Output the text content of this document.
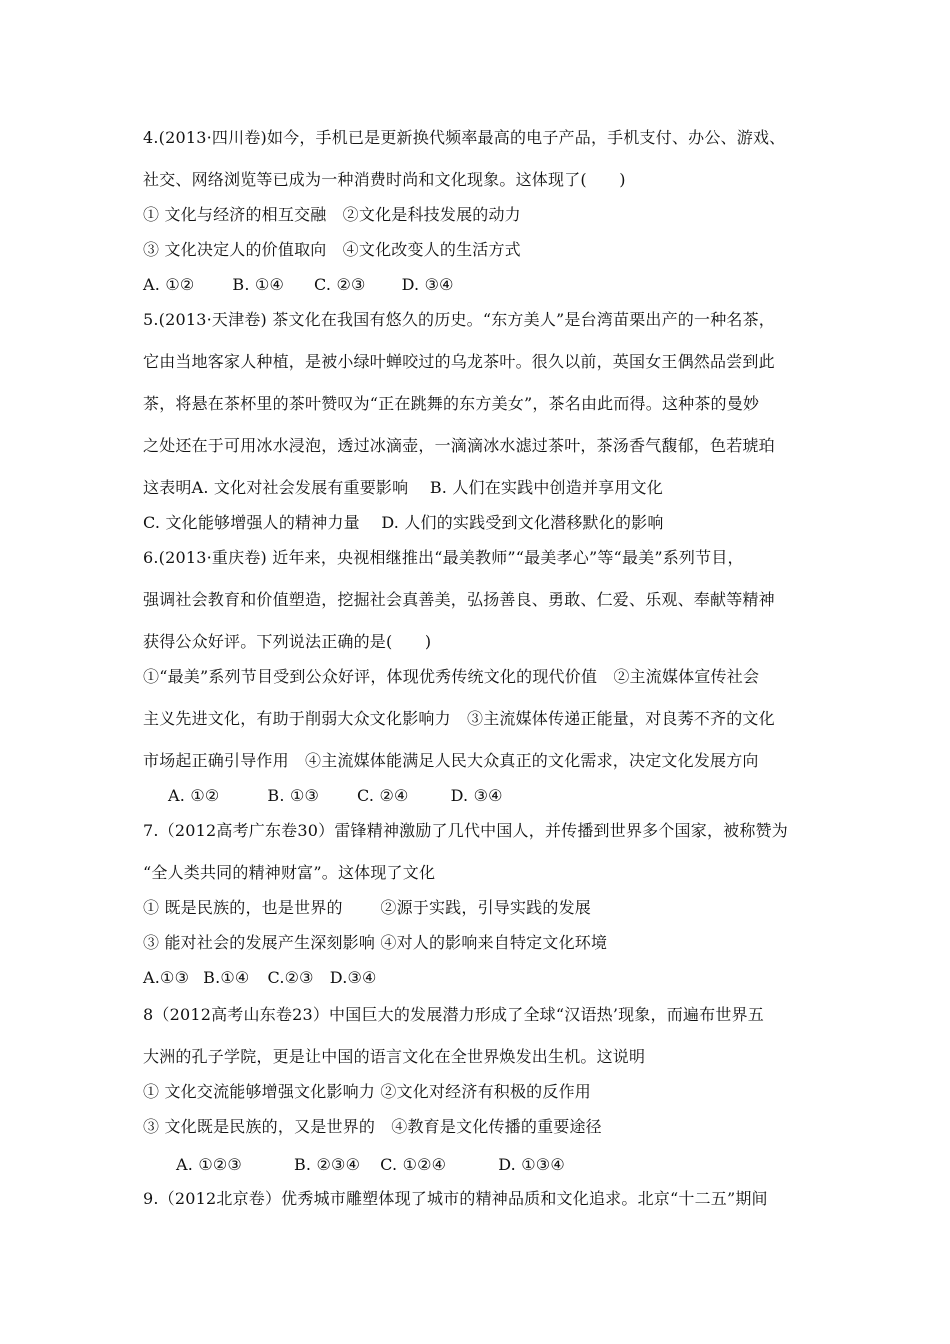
4.(2013·四川卷)如今，手机已是更新换代频率最高的电子产品，手机支付、办公、游戏、
社交、网络浏览等已成为一种消费时尚和文化现象。这体现了(　　)
① 文化与经济的相互交融　②文化是科技发展的动力
③ 文化决定人的价值取向　④文化改变人的生活方式
A. ①② B. ①④ C. ②③ D. ③④
5.(2013·天津卷) 茶文化在我国有悠久的历史。“东方美人”是台湾苗栗出产的一种名茶，
它由当地客家人种植，是被小绿叶蝉咬过的乌龙茶叶。很久以前，英国女王偶然品尝到此
茶，将悬在茶杯里的茶叶赞叹为“正在跳舞的东方美女”，茶名由此而得。这种茶的曼妙
之处还在于可用冰水浸泡，透过冰滴壶，一滴滴冰水滤过茶叶，茶汤香气馥郁，色若琥珀
这表明A. 文化对社会发展有重要影响　 B. 人们在实践中创造并享用文化
C. 文化能够增强人的精神力量　 D. 人们的实践受到文化潜移默化的影响
6.(2013·重庆卷) 近年来，央视相继推出“最美教师”“最美孝心”等“最美”系列节目，
强调社会教育和价值塑造，挖掘社会真善美，弘扬善良、勇敢、仁爱、乐观、奉献等精神
获得公众好评。下列说法正确的是(　　)
①“最美”系列节目受到公众好评，体现优秀传统文化的现代价值　②主流媒体宣传社会
主义先进文化，有助于削弱大众文化影响力　③主流媒体传递正能量，对良莠不齐的文化
市场起正确引导作用　④主流媒体能满足人民大众真正的文化需求，决定文化发展方向
A. ①②	B. ①③ C. ②④	D. ③④
7.（2012高考广东卷30）雷锋精神激励了几代中国人，并传播到世界多个国家，被称赞为
“全人类共同的精神财富”。这体现了文化
① 既是民族的，也是世界的　　 ②源于实践，引导实践的发展
③ 能对社会的发展产生深刻影响 ④对人的影响来自特定文化环境
A.①③ B.①④ C.②③ D.③④
8（2012高考山东卷23）中国巨大的发展潜力形成了全球“汉语热’现象，而遍布世界五
大洲的孔子学院，更是让中国的语言文化在全世界焕发出生机。这说明
① 文化交流能够增强文化影响力 ②文化对经济有积极的反作用
③ 文化既是民族的，又是世界的　④教育是文化传播的重要途径
A. ①②③	B. ②③④ C. ①②④	D. ①③④
9.（2012北京卷）优秀城市雕塑体现了城市的精神品质和文化追求。北京“十二五”期间
